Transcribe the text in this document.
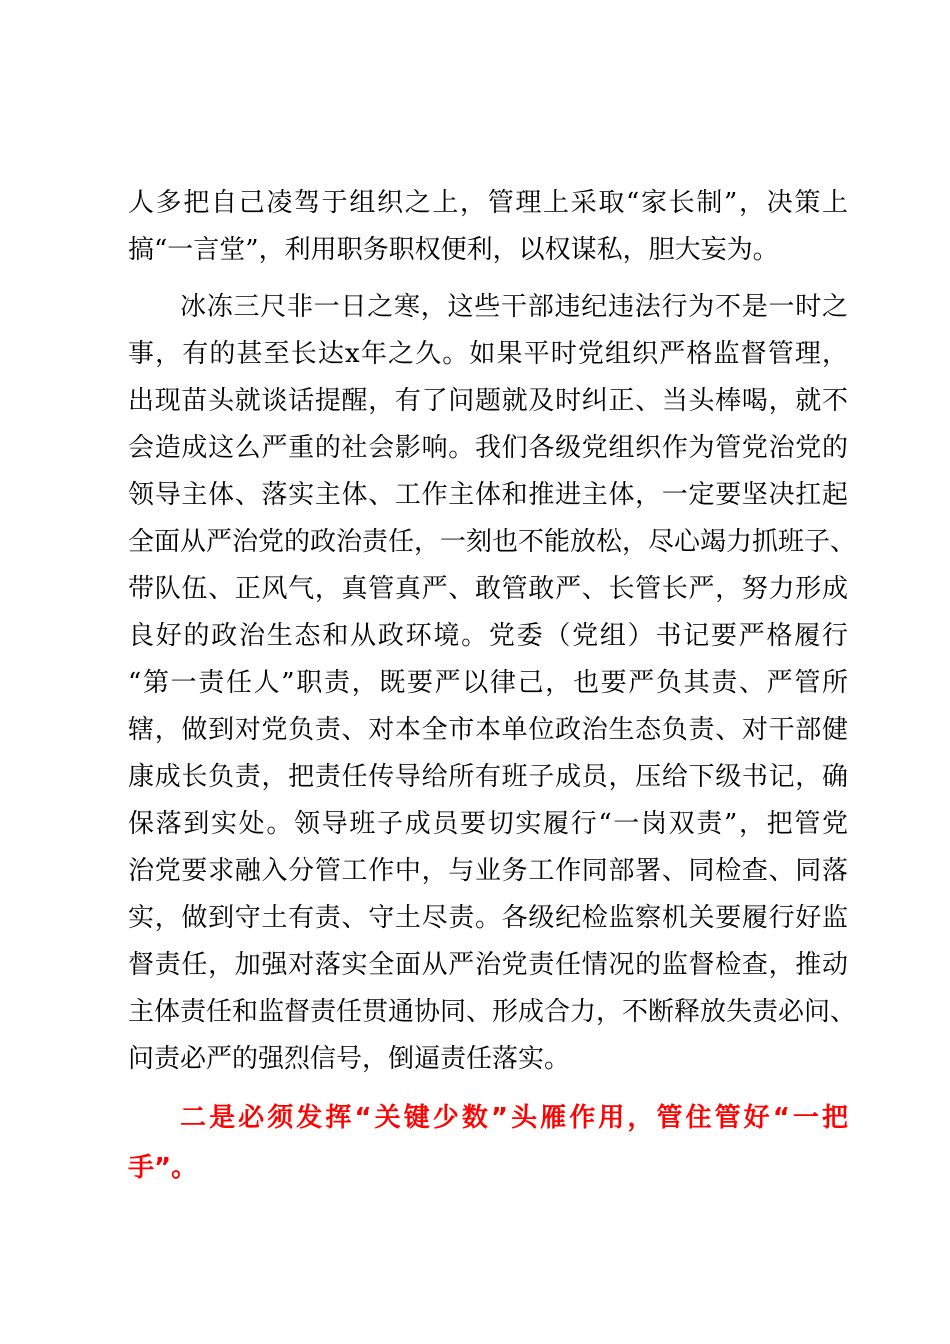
人多把自己凌驾于组织之上，管理上采取“家长制”，决策上
搞“一言堂”，利用职务职权便利，以权谋私，胆大妄为。
冰冻三尺非一日之寒，这些干部违纪违法行为不是一时之
事，有的甚至长达x年之久。如果平时党组织严格监督管理，
出现苗头就谈话提醒，有了问题就及时纠正、当头棒喝，就不
会造成这么严重的社会影响。我们各级党组织作为管党治党的
领导主体、落实主体、工作主体和推进主体，一定要坚决扛起
全面从严治党的政治责任，一刻也不能放松，尽心竭力抓班子、
带队伍、正风气，真管真严、敢管敢严、长管长严，努力形成
良好的政治生态和从政环境。党委（党组）书记要严格履行
“第一责任人”职责，既要严以律己，也要严负其责、严管所
辖，做到对党负责、对本全市本单位政治生态负责、对干部健
康成长负责，把责任传导给所有班子成员，压给下级书记，确
保落到实处。领导班子成员要切实履行“一岗双责”，把管党
治党要求融入分管工作中，与业务工作同部署、同检查、同落
实，做到守土有责、守土尽责。各级纪检监察机关要履行好监
督责任，加强对落实全面从严治党责任情况的监督检查，推动
主体责任和监督责任贯通协同、形成合力，不断释放失责必问、
问责必严的强烈信号，倒逼责任落实。
二是必须发挥“关键少数”头雁作用，管住管好“一把
手”。
